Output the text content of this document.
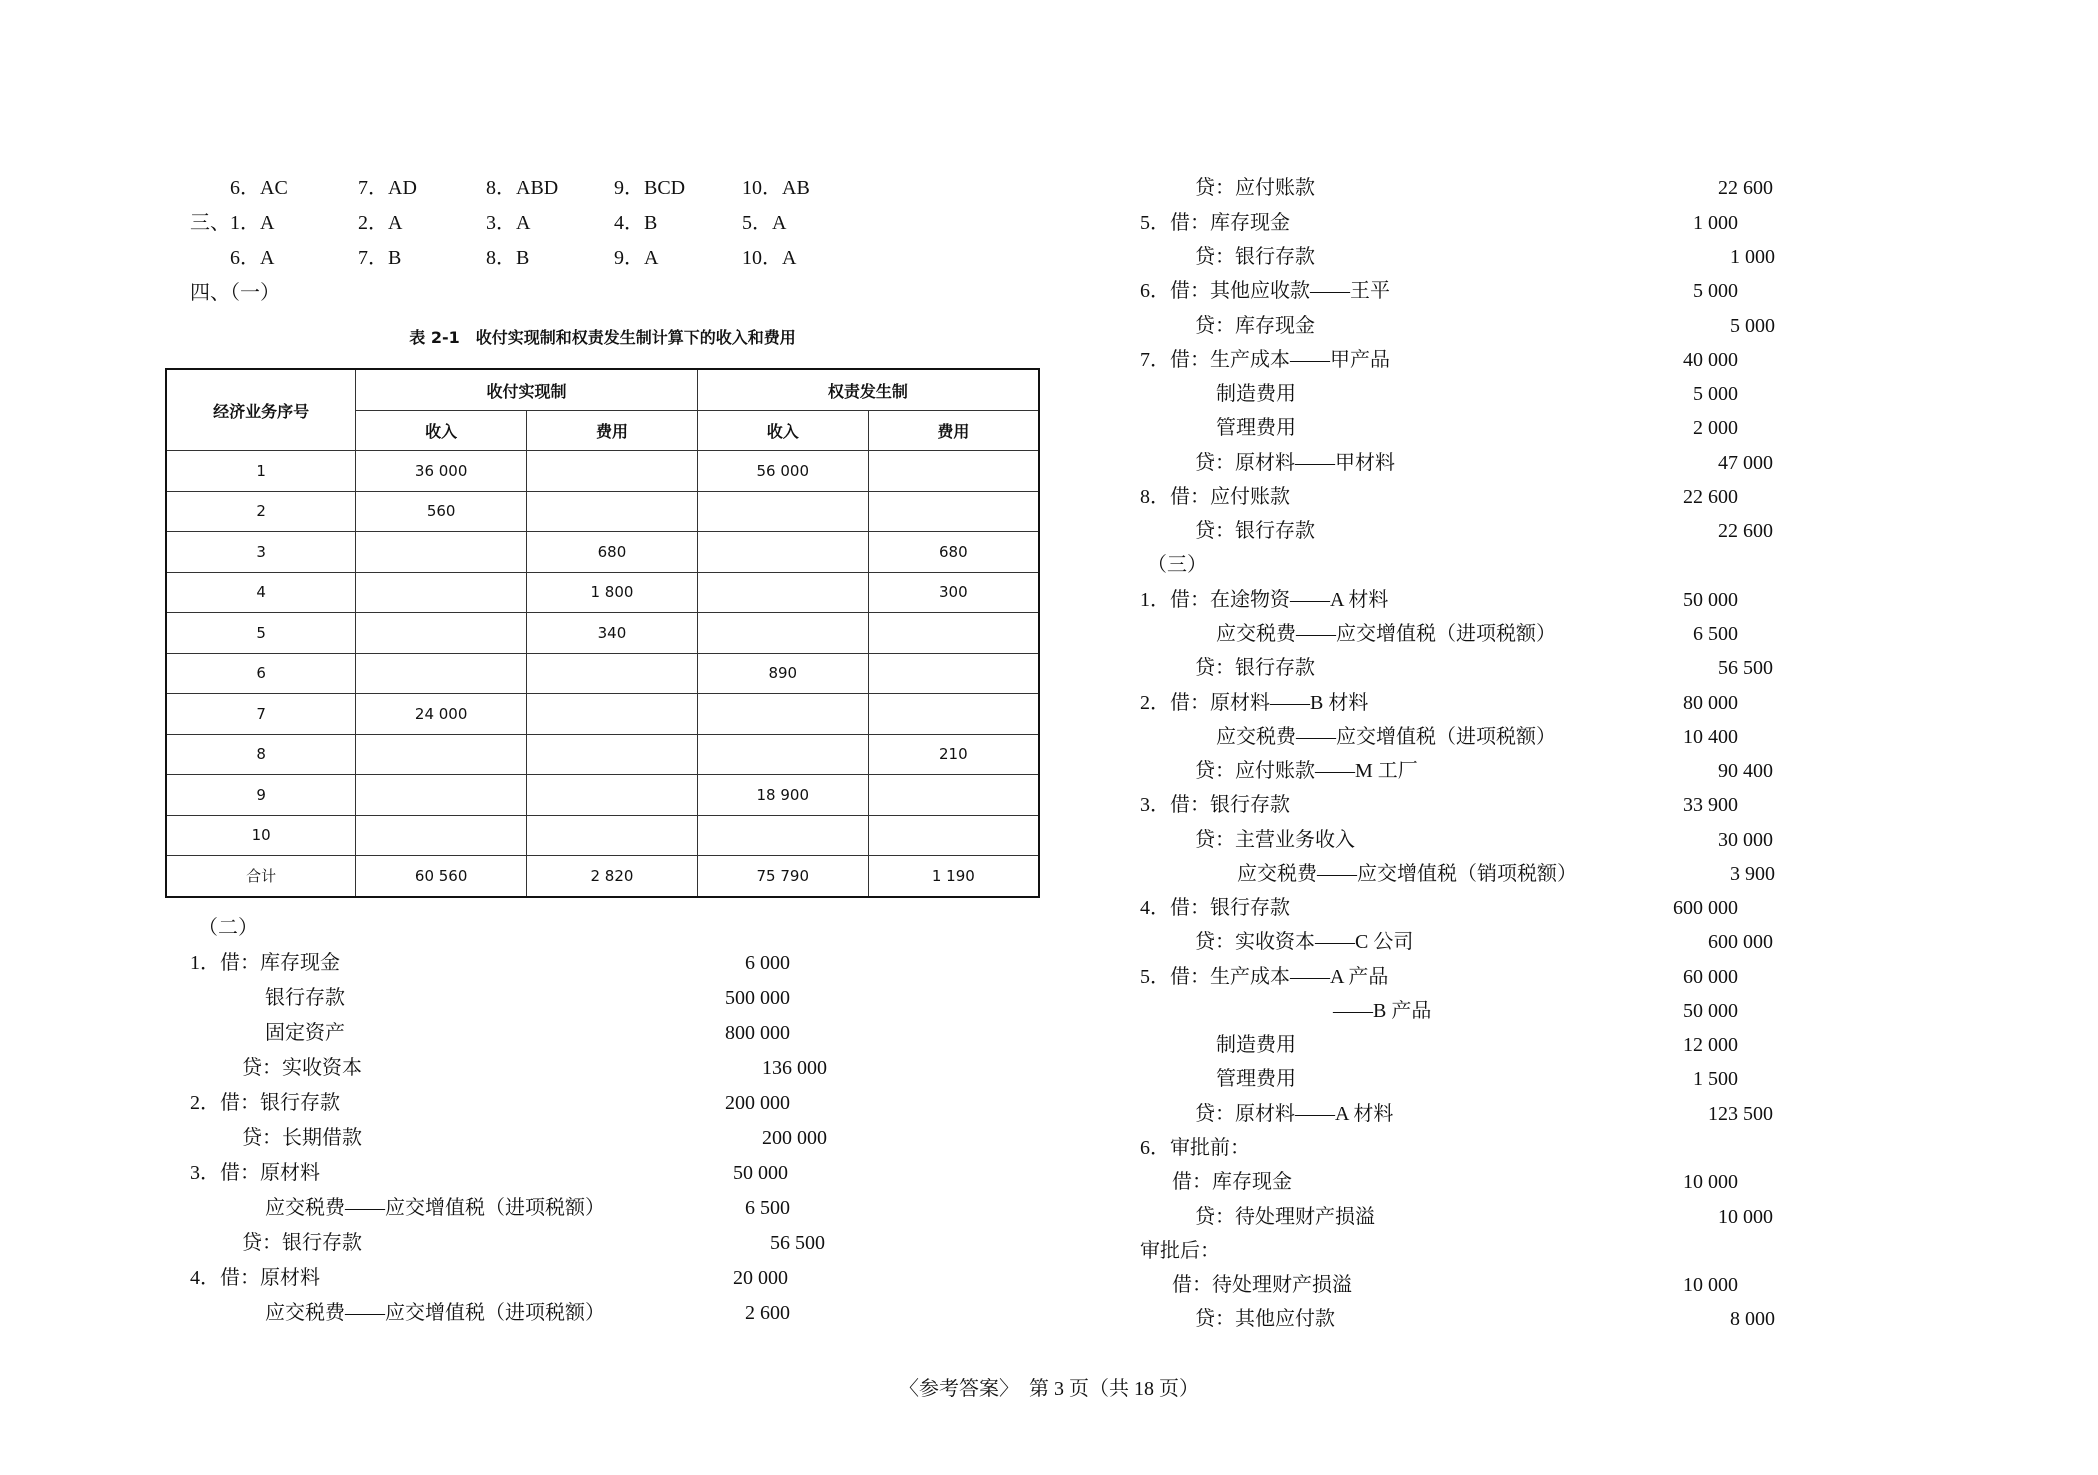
6．AC	7．AD	8．ABD	9．BCD	10．AB
三、 1．A	2．A	3．A	4．B	5．A
6．A	7．B	8．B	9．A	10．A
四、（一）
表 2-1　收付实现制和权责发生制计算下的收入和费用
经济业务序号	收付实现制		权责发生制	
	收入	费用	收入	费用
1	36 000		56 000	
2	560			
3		680		680
4		1 800		300
5		340		
6			890	
7	24 000			
8				210
9			18 900	
10				
合计	60 560	2 820	75 790	1 190
（二）
1．借：库存现金	6 000
银行存款	500 000
固定资产	800 000
贷：实收资本	136 000
2．借：银行存款	200 000
贷：长期借款	200 000
3．借：原材料	50 000
应交税费——应交增值税（进项税额）	6 500
贷：银行存款	56 500
4．借：原材料	20 000
应交税费——应交增值税（进项税额）	2 600
贷：应付账款	22 600
5．借：库存现金	1 000
贷：银行存款	1 000
6．借：其他应收款——王平	5 000
贷：库存现金	5 000
7．借：生产成本——甲产品	40 000
制造费用	5 000
管理费用	2 000
贷：原材料——甲材料	47 000
8．借：应付账款	22 600
贷：银行存款	22 600
（三）
1．借：在途物资——A 材料	50 000
应交税费——应交增值税（进项税额）	6 500
贷：银行存款	56 500
2．借：原材料——B 材料	80 000
应交税费——应交增值税（进项税额）	10 400
贷：应付账款——M 工厂	90 400
3．借：银行存款	33 900
贷：主营业务收入	30 000
应交税费——应交增值税（销项税额）	3 900
4．借：银行存款	600 000
贷：实收资本——C 公司	600 000
5．借：生产成本——A 产品	60 000
——B 产品	50 000
制造费用	12 000
管理费用	1 500
贷：原材料——A 材料	123 500
6．审批前：
借：库存现金	10 000
贷：待处理财产损溢	10 000
审批后：
借：待处理财产损溢	10 000
贷：其他应付款	8 000
〈参考答案〉　第 3 页（共 18 页）
